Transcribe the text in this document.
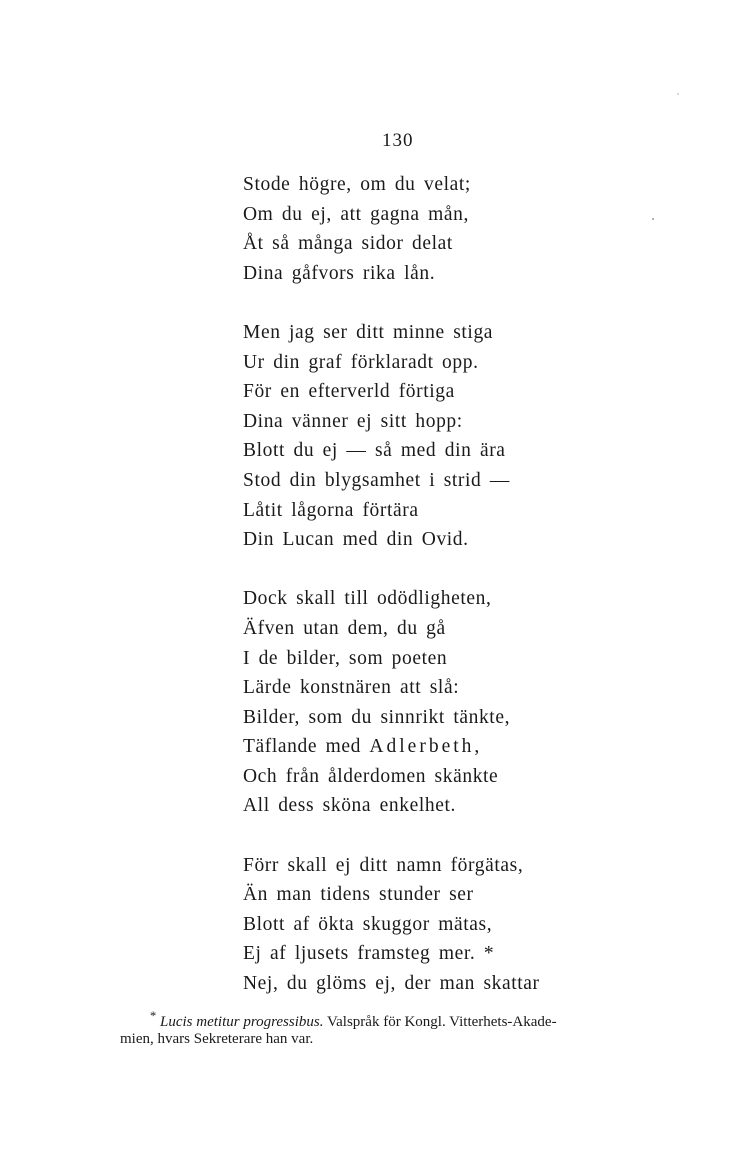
130

Stode högre, om du velat;
Om du ej, att gagna mån,
Åt så många sidor delat
Dina gåfvors rika lån.
Men jag ser ditt minne stiga
Ur din graf förklaradt opp.
För en efterverld förtiga
Dina vänner ej sitt hopp:
Blott du ej — så med din ära
Stod din blygsamhet i strid —
Låtit lågorna förtära
Din Lucan med din Ovid.
Dock skall till odödligheten,
Äfven utan dem, du gå
I de bilder, som poeten
Lärde konstnären att slå:
Bilder, som du sinnrikt tänkte,
Täflande med Adlerbeth,
Och från ålderdomen skänkte
All dess sköna enkelhet.
Förr skall ej ditt namn förgätas,
Än man tidens stunder ser
Blott af ökta skuggor mätas,
Ej af ljusets framsteg mer. *
Nej, du glöms ej, der man skattar
* Lucis metitur progressibus. Valspråk för Kongl. Vitterhets-Akade-
mien, hvars Sekreterare han var.
